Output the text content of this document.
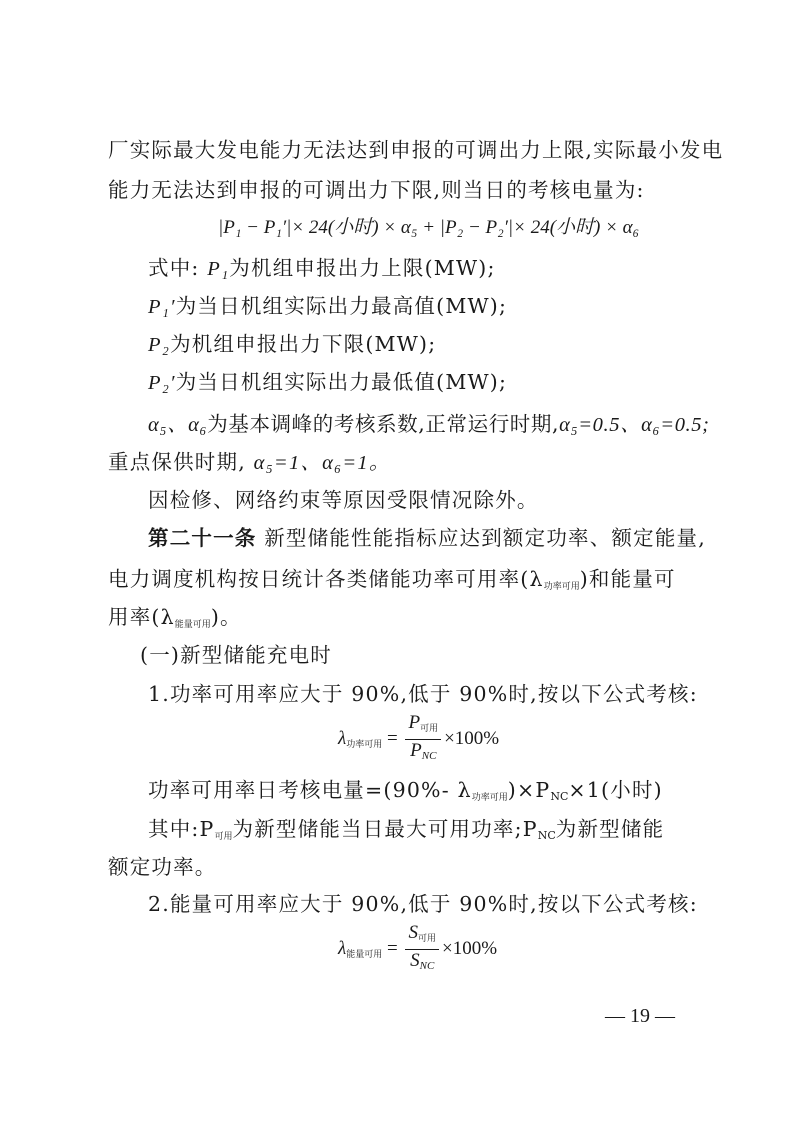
厂实际最大发电能力无法达到申报的可调出力上限,实际最小发电
能力无法达到申报的可调出力下限,则当日的考核电量为:
|P₁ − P₁′|× 24(小时) × α₅ + |P₂ − P₂′|× 24(小时) × α₆
式中: P₁为机组申报出力上限(MW);
P₁′为当日机组实际出力最高值(MW);
P₂为机组申报出力下限(MW);
P₂′为当日机组实际出力最低值(MW);
α₅、α₆为基本调峰的考核系数,正常运行时期,α₅=0.5、α₆=0.5;
重点保供时期, α₅=1、α₆=1。
因检修、网络约束等原因受限情况除外。
第二十一条 新型储能性能指标应达到额定功率、额定能量,
电力调度机构按日统计各类储能功率可用率$(\lambda_{功率可用})$和能量可
用率$(\lambda_{能量可用})$。
(一)新型储能充电时
1.功率可用率应大于 90%,低于 90%时,按以下公式考核:
$\lambda_{功率可用} = \frac{P_{可用}}{P_{NC}} \times 100\%$
功率可用率日考核电量=(90%- $\lambda_{功率可用})\times P_{NC}\times 1$(小时)
其中$:P_{可用}$为新型储能当日最大可用功率$;P_{NC}$为新型储能
额定功率。
2.能量可用率应大于 90%,低于 90%时,按以下公式考核:
$\lambda_{能量可用} = \frac{S_{可用}}{S_{NC}} \times 100\%$
— 19 —
